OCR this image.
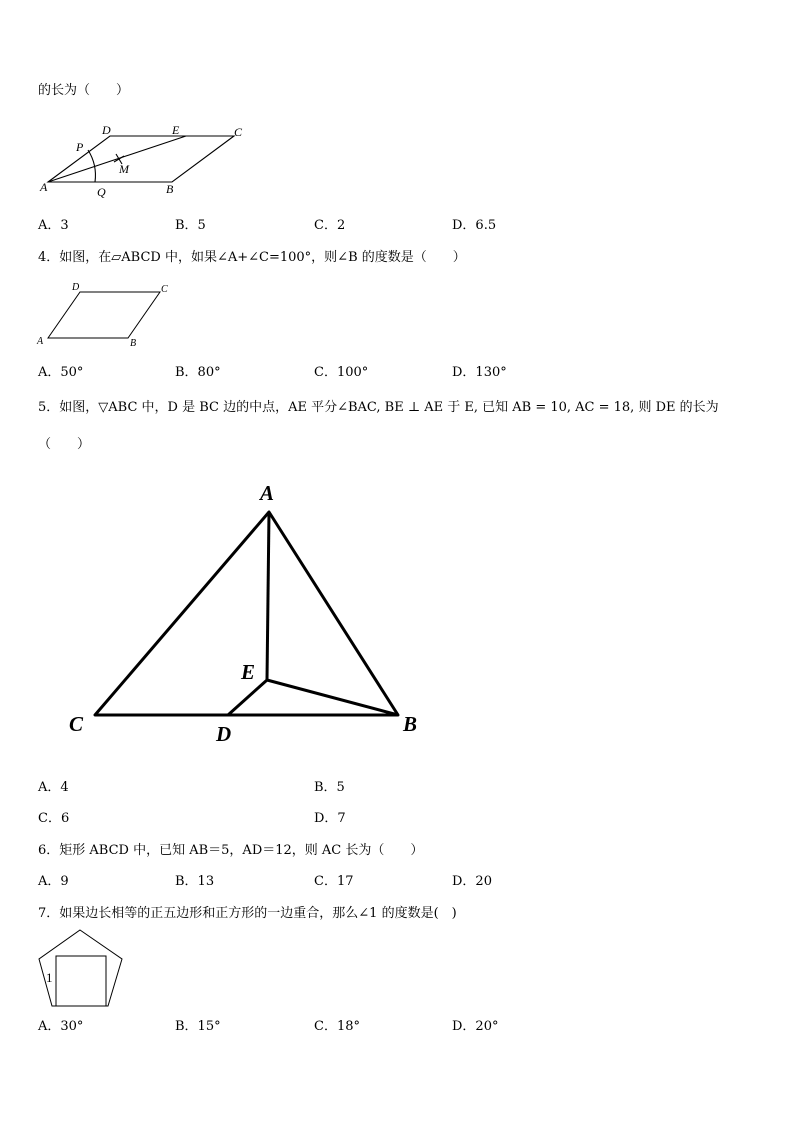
的长为（　　）
D	E	C
P
M
A	Q	B
A．3	B．5	C．2	D．6.5
4．如图，在▱ABCD 中，如果∠A+∠C=100°，则∠B 的度数是（　　）
D	C
A	B
A．50°	B．80°	C．100°	D．130°
5．如图，▽ABC 中，D 是 BC 边的中点，AE 平分∠BAC, BE ⊥ AE 于 E, 已知 AB = 10, AC = 18, 则 DE 的长为
（　　）
A
E
C	D	B
A．4	B．5
C．6	D．7
6．矩形 ABCD 中，已知 AB＝5，AD＝12，则 AC 长为（　　）
A．9	B．13	C．17	D．20
7．如果边长相等的正五边形和正方形的一边重合，那么∠1 的度数是(　)
1
A．30°	B．15°	C．18°	D．20°
